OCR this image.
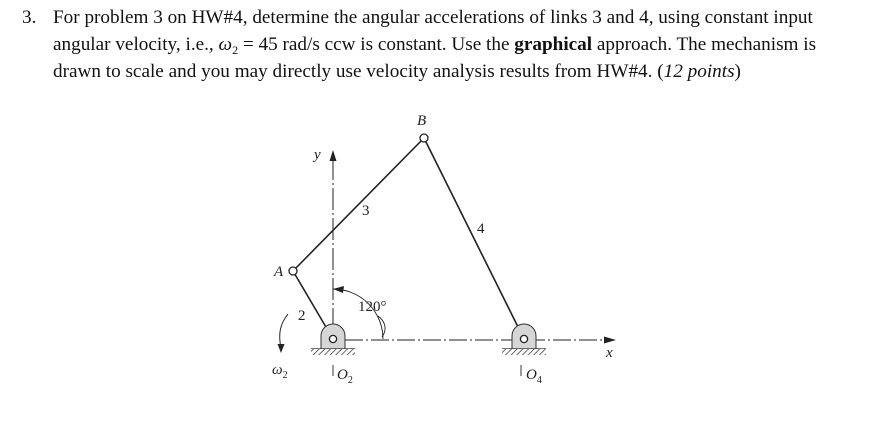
3. For problem 3 on HW#4, determine the angular accelerations of links 3 and 4, using constant input
angular velocity, i.e., $\omega_2 = 45$ rad/s ccw is constant. Use the graphical approach. The mechanism is
drawn to scale and you may directly use velocity analysis results from HW#4. (12 points)
B
A
y
x
3
4
2
120°
$\omega_2$	$O_2$	$O_4$
